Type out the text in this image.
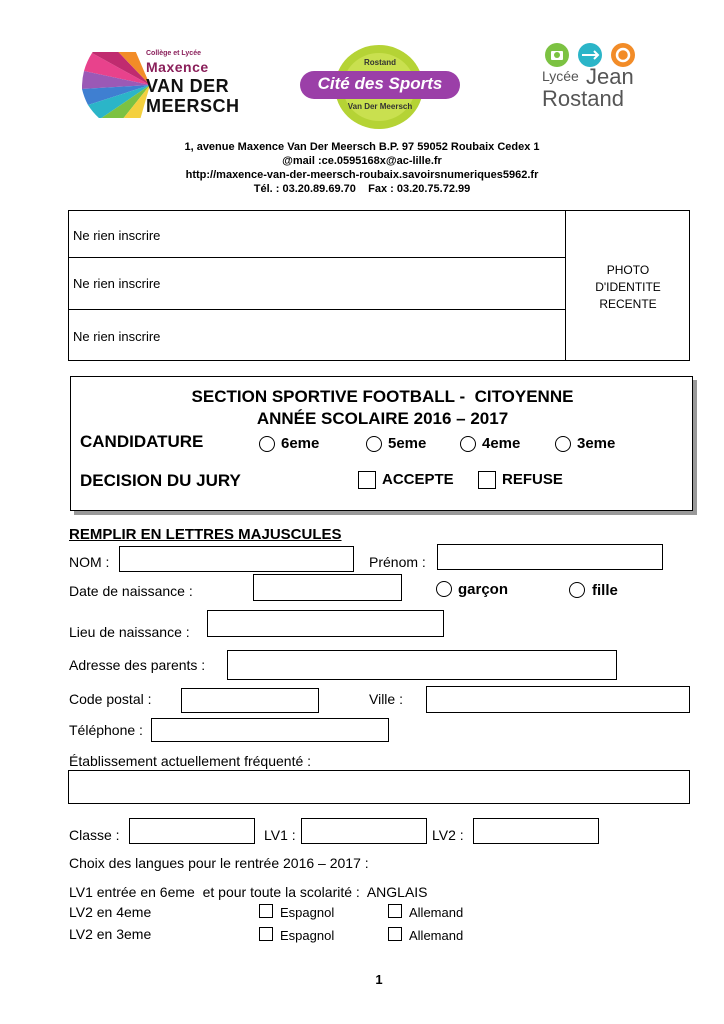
Collège et Lycée
Maxence
VAN DER
MEERSCH
Cité des Sports
Rostand
Van Der Meersch
Lycée Jean
Rostand
1, avenue Maxence Van Der Meersch B.P. 97 59052 Roubaix Cedex 1
@mail :ce.0595168x@ac-lille.fr
http://maxence-van-der-meersch-roubaix.savoirsnumeriques5962.fr
Tél. : 03.20.89.69.70    Fax : 03.20.75.72.99
Ne rien inscrire
Ne rien inscrire
Ne rien inscrire
PHOTO
D'IDENTITE
RECENTE
SECTION SPORTIVE FOOTBALL -  CITOYENNE
ANNÉE SCOLAIRE 2016 – 2017
CANDIDATURE	6eme	5eme	4eme	3eme
DECISION DU JURY	ACCEPTE	REFUSE
REMPLIR EN LETTRES MAJUSCULES
NOM :	Prénom :
Date de naissance :	garçon	fille
Lieu de naissance :
Adresse des parents :
Code postal :	Ville :
Téléphone :
Établissement actuellement fréquenté :
Classe :	LV1 :	LV2 :
Choix des langues pour le rentrée 2016 – 2017 :
LV1 entrée en 6eme  et pour toute la scolarité :  ANGLAIS
LV2 en 4eme	Espagnol	Allemand
LV2 en 3eme	Espagnol	Allemand
1
